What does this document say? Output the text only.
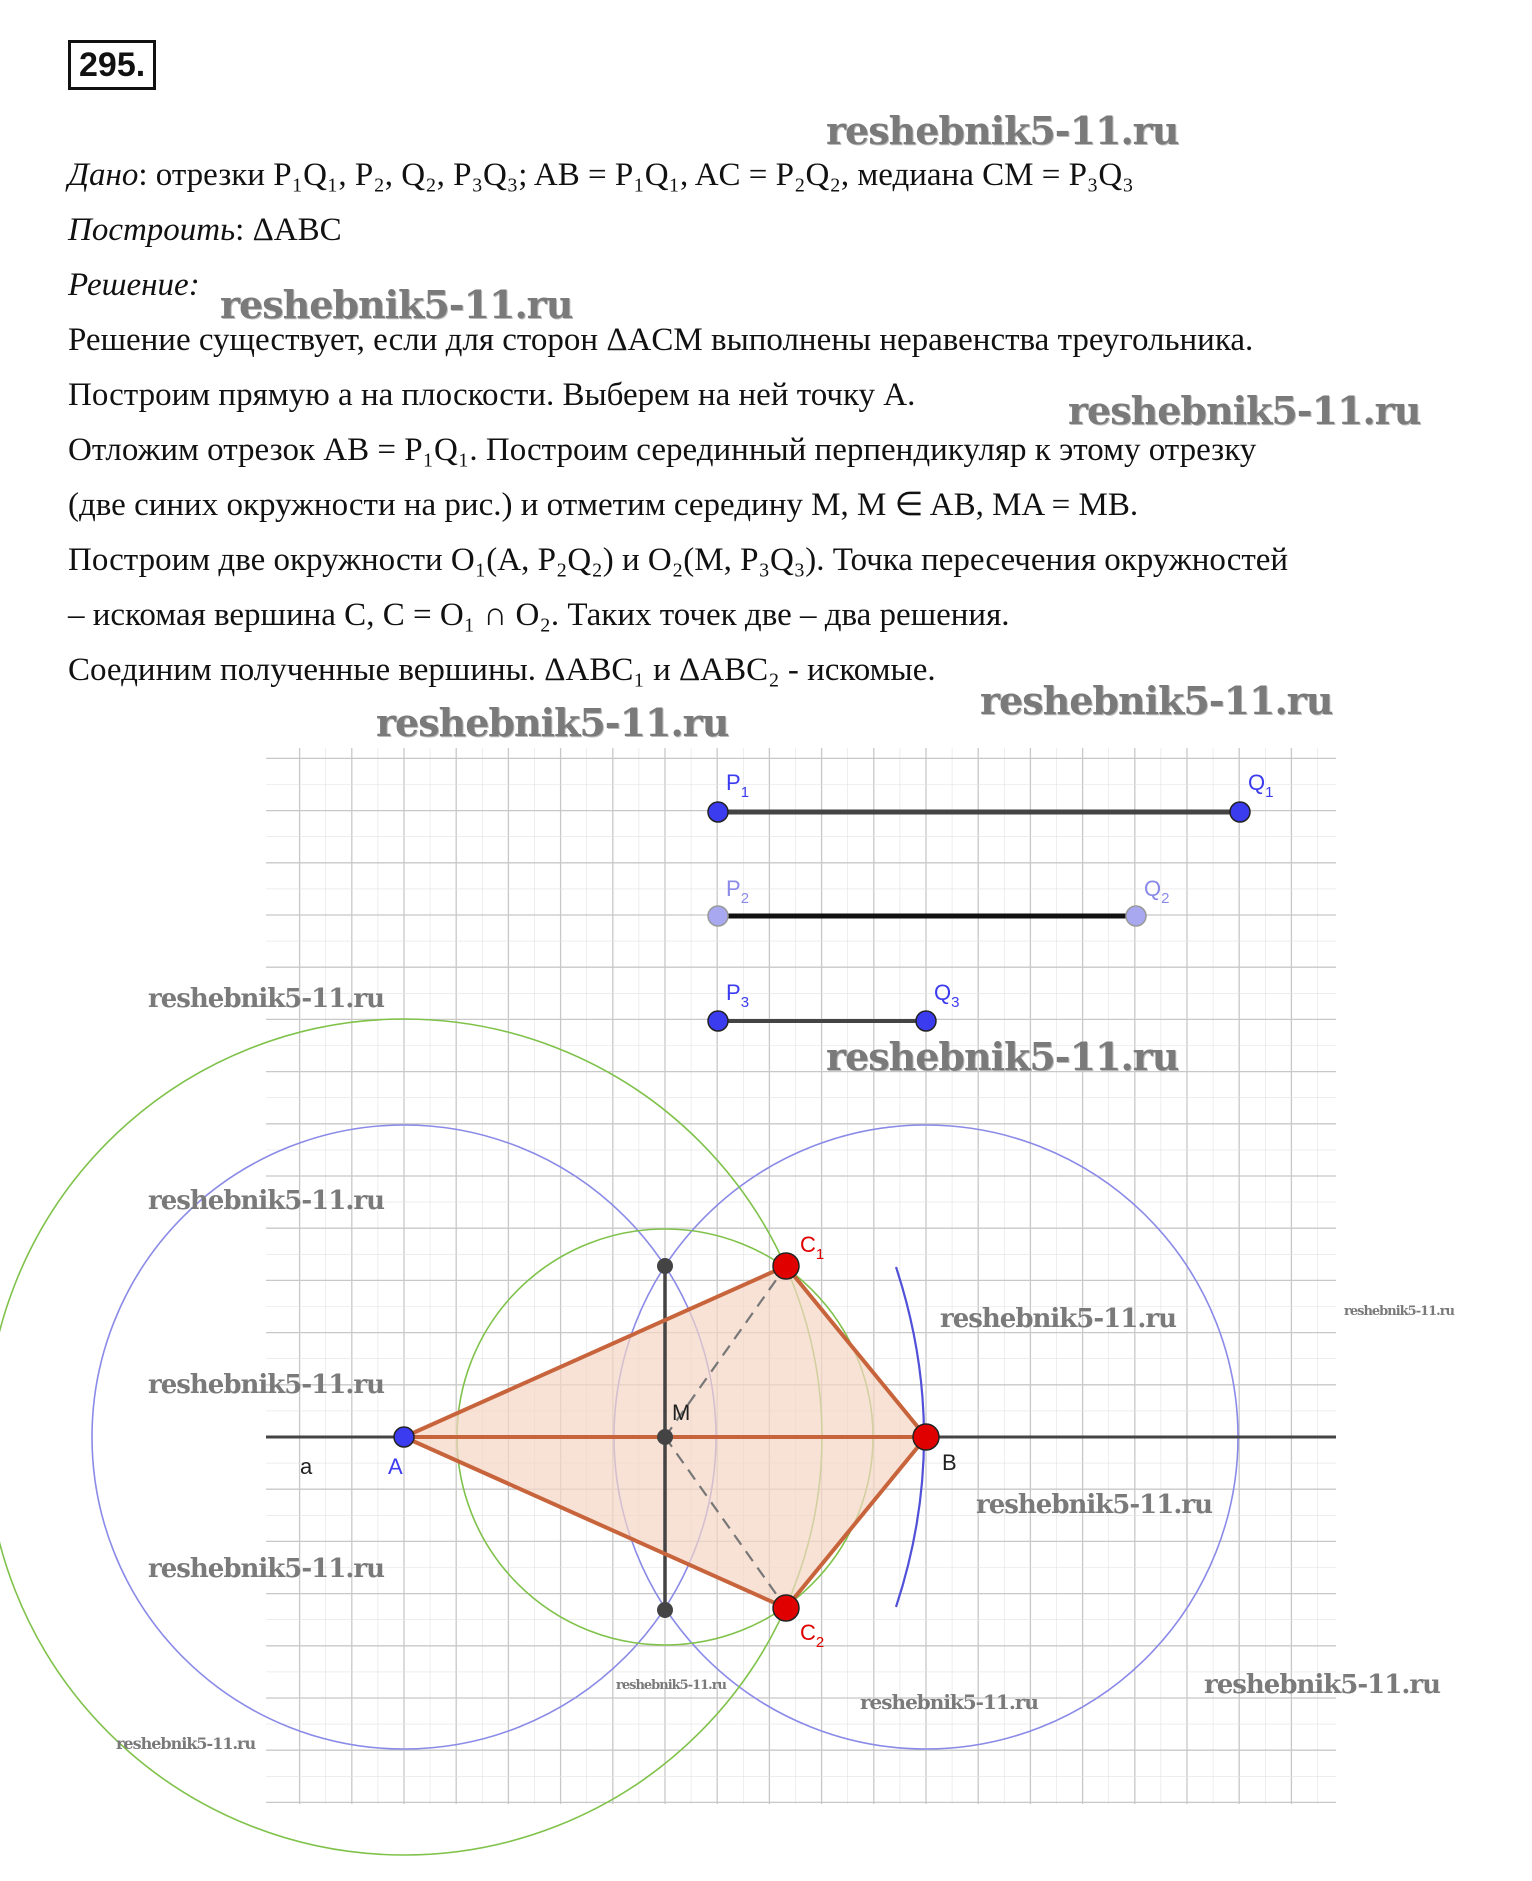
295.
Дано: отрезки P₁Q₁, P₂, Q₂, P₃Q₃; AB = P₁Q₁, AC = P₂Q₂, медиана CM = P₃Q₃
Построить: ΔABC
Решение:
Решение существует, если для сторон ΔACM выполнены неравенства треугольника.
Построим прямую a на плоскости. Выберем на ней точку A.
Отложим отрезок AB = P₁Q₁. Построим серединный перпендикуляр к этому отрезку
(две синих окружности на рис.) и отметим середину M, M ∈ AB, MA = MB.
Построим две окружности O₁(A, P₂Q₂) и O₂(M, P₃Q₃). Точка пересечения окружностей
– искомая вершина C, C = O₁ ∩ O₂. Таких точек две – два решения.
Соединим полученные вершины. ΔABC₁ и ΔABC₂ - искомые.
$P_1$	$Q_1$
$P_2$	$Q_2$
$P_3$	$Q_3$
A	B
M
$C_1$
$C_2$
a
reshebnik5-11.ru
reshebnik5-11.ru
reshebnik5-11.ru
reshebnik5-11.ru
reshebnik5-11.ru
reshebnik5-11.ru
reshebnik5-11.ru
reshebnik5-11.ru
reshebnik5-11.ru
reshebnik5-11.ru
reshebnik5-11.ru
reshebnik5-11.ru
reshebnik5-11.ru
reshebnik5-11.ru
reshebnik5-11.ru
reshebnik5-11.ru
reshebnik5-11.ru
